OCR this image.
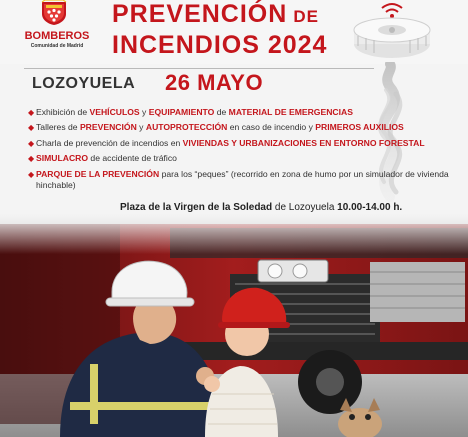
BOMBEROS
Comunidad de Madrid
PREVENCIÓN DE
INCENDIOS 2024
LOZOYUELA 26 MAYO
◆ Exhibición de VEHÍCULOS y EQUIPAMIENTO de MATERIAL DE EMERGENCIAS
◆ Talleres de PREVENCIÓN y AUTOPROTECCIÓN en caso de incendio y PRIMEROS AUXILIOS
◆ Charla de prevención de incendios en VIVIENDAS Y URBANIZACIONES EN ENTORNO FORESTAL
◆ SIMULACRO de accidente de tráfico
◆ PARQUE DE LA PREVENCIÓN para los “peques” (recorrido en zona de humo por un simulador de vivienda hinchable)
Plaza de la Virgen de la Soledad de Lozoyuela 10.00-14.00 h.
